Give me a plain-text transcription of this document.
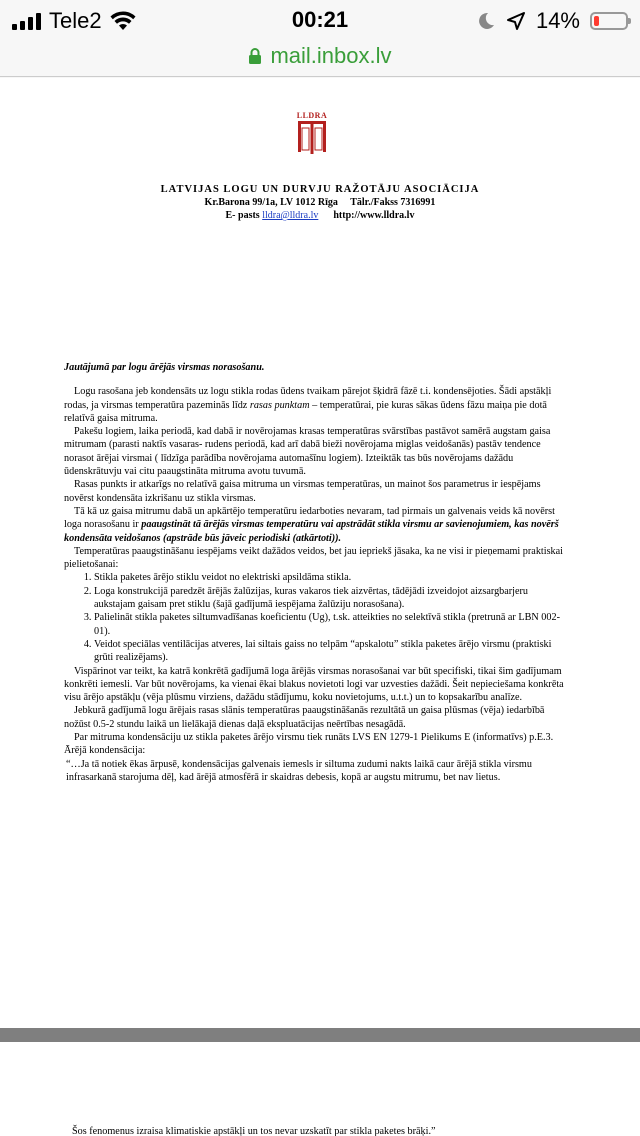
Tele2	00:21	14%
mail.inbox.lv
LLDRA
LATVIJAS LOGU UN DURVJU RAŽOTĀJU ASOCIĀCIJA
Kr.Barona 99/1a, LV 1012 Rīga     Tālr./Fakss 7316991
E- pasts lldra@lldra.lv http://www.lldra.lv

Jautājumā par logu ārējās virsmas norasošanu.

Logu rasošana jeb kondensāts uz logu stikla rodas ūdens tvaikam pārejot šķidrā fāzē t.i. kondensējoties. Šādi apstākļi rodas, ja virsmas temperatūra pazeminās līdz rasas punktam – temperatūrai, pie kuras sākas ūdens fāzu maiņa pie dotā relatīvā gaisa mitruma.

Pakešu logiem, laika periodā, kad dabā ir novērojamas krasas temperatūras svārstības pastāvot samērā augstam gaisa mitrumam (parasti naktīs vasaras- rudens periodā, kad arī dabā bieži novērojama miglas veidošanās) pastāv tendence norasot ārējai virsmai ( līdzīga parādība novērojama automašīnu logiem). Izteiktāk tas būs novērojams dažādu ūdenskrātuvju vai citu paaugstināta mitruma avotu tuvumā.

Rasas punkts ir atkarīgs no relatīvā gaisa mitruma un virsmas temperatūras, un mainot šos parametrus ir iespējams novērst kondensāta izkrišanu uz stikla virsmas.

Tā kā uz gaisa mitrumu dabā un apkārtējo temperatūru iedarboties nevaram, tad pirmais un galvenais veids kā novērst loga norasošanu ir paaugstināt tā ārējās virsmas temperatūru vai apstrādāt stikla virsmu ar savienojumiem, kas novērš kondensāta veidošanos (apstrāde būs jāveic periodiski (atkārtoti)).

Temperatūras paaugstināšanu iespējams veikt dažādos veidos, bet jau iepriekš jāsaka, ka ne visi ir pieņemami praktiskai pielietošanai:

1. Stikla paketes ārējo stiklu veidot no elektriski apsildāma stikla.
2. Loga konstrukcijā paredzēt ārējās žalūzijas, kuras vakaros tiek aizvērtas, tādējādi izveidojot aizsargbarjeru aukstajam gaisam pret stiklu (šajā gadījumā iespējama žalūziju norasošana).
3. Palielināt stikla paketes siltumvadīšanas koeficientu (Ug), t.sk. atteikties no selektīvā stikla (pretrunā ar LBN 002-01).
4. Veidot speciālas ventilācijas atveres, lai siltais gaiss no telpām “apskalotu” stikla paketes ārējo virsmu (praktiski grūti realizējams).

Vispārinot var teikt, ka katrā konkrētā gadījumā loga ārējās virsmas norasošanai var būt specifiski, tikai šim gadījumam konkrēti iemesli. Var būt novērojams, ka vienai ēkai blakus novietoti logi var uzvesties dažādi. Šeit nepieciešama konkrēta visu ārējo apstākļu (vēja plūsmu virziens, dažādu stādījumu, koku novietojums, u.t.t.) un to kopsakarību analīze.

Jebkurā gadījumā logu ārējais rasas slānis temperatūras paaugstināšanās rezultātā un gaisa plūsmas (vēja) iedarbībā nožūst 0.5-2 stundu laikā un lielākajā dienas daļā ekspluatācijas neērtības nesagādā.

Par mitruma kondensāciju uz stikla paketes ārējo virsmu tiek runāts LVS EN 1279-1 Pielikums E (informatīvs) p.E.3. Ārējā kondensācija:

“…Ja tā notiek ēkas ārpusē, kondensācijas galvenais iemesls ir siltuma zudumi nakts laikā caur ārējā stikla virsmu infrasarkanā starojuma dēļ, kad ārējā atmosfērā ir skaidras debesis, kopā ar augstu mitrumu, bet nav lietus.

Šos fenomenus izraisa klimatiskie apstākļi un tos nevar uzskatīt par stikla paketes brāķi.”
